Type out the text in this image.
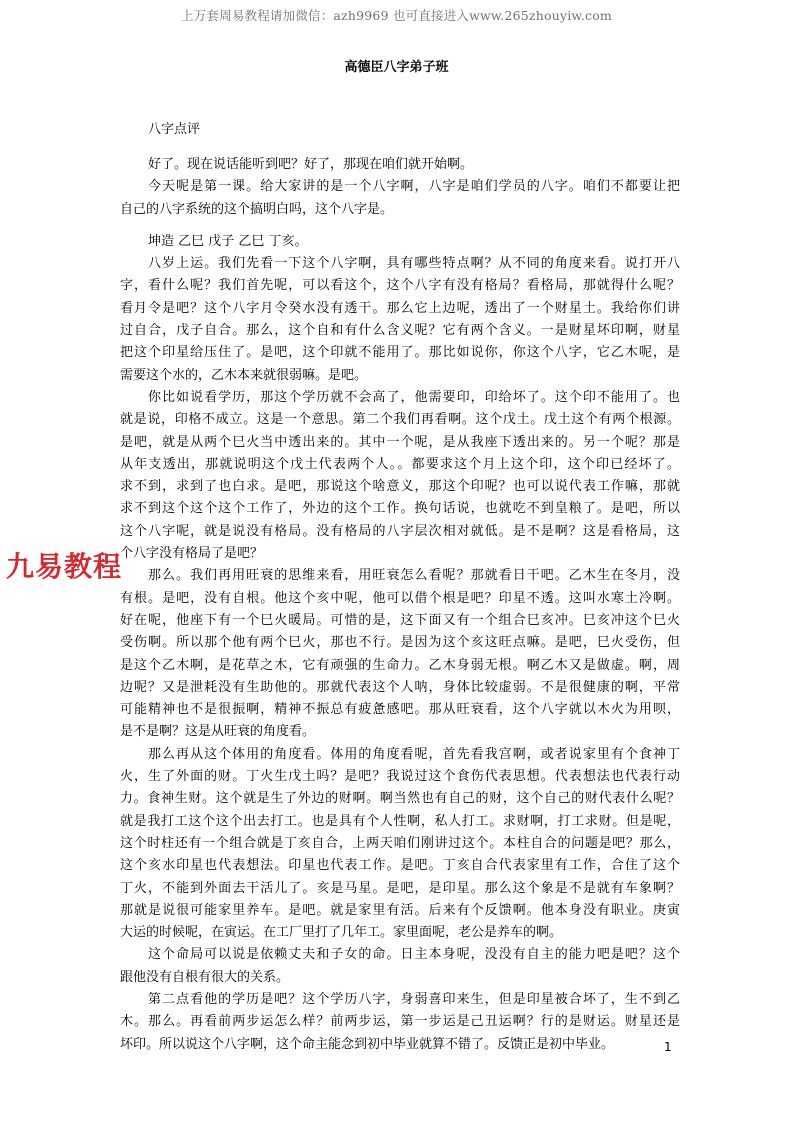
上万套周易教程请加微信：azh9969 也可直接进入www.265zhouyiw.com
高德臣八字弟子班
八字点评
好了。现在说话能听到吧？好了，那现在咱们就开始啊。
今天呢是第一课。给大家讲的是一个八字啊，八字是咱们学员的八字。咱们不都要让把
自己的八字系统的这个搞明白吗，这个八字是。
坤造 乙巳 戊子 乙巳 丁亥。
八岁上运。我们先看一下这个八字啊，具有哪些特点啊？从不同的角度来看。说打开八
字，看什么呢？我们首先呢，可以看这个，这个八字有没有格局？看格局，那就得什么呢？
看月令是吧？这个八字月令癸水没有透干。那么它上边呢，透出了一个财星土。我给你们讲
过自合，戊子自合。那么，这个自和有什么含义呢？它有两个含义。一是财星坏印啊，财星
把这个印星给压住了。是吧，这个印就不能用了。那比如说你，你这个八字，它乙木呢，是
需要这个水的，乙木本来就很弱嘛。是吧。
你比如说看学历，那这个学历就不会高了，他需要印，印给坏了。这个印不能用了。也
就是说，印格不成立。这是一个意思。第二个我们再看啊。这个戊土。戊土这个有两个根源。
是吧，就是从两个巳火当中透出来的。其中一个呢，是从我座下透出来的。另一个呢？那是
从年支透出，那就说明这个戊土代表两个人。。都要求这个月上这个印，这个印已经坏了。
求不到，求到了也白求。是吧，那说这个啥意义，那这个印呢？也可以说代表工作嘛，那就
求不到这个这个这个工作了，外边的这个工作。换句话说，也就吃不到皇粮了。是吧，所以
这个八字呢，就是说没有格局。没有格局的八字层次相对就低。是不是啊？这是看格局，这
个八字没有格局了是吧？
那么。我们再用旺衰的思维来看，用旺衰怎么看呢？那就看日干吧。乙木生在冬月，没
有根。是吧，没有自根。他这个亥中呢，他可以借个根是吧？印星不透。这叫水寒土冷啊。
好在呢，他座下有一个巳火暖局。可惜的是，这下面又有一个组合巳亥冲。巳亥冲这个巳火
受伤啊。所以那个他有两个巳火，那也不行。是因为这个亥这旺点嘛。是吧，巳火受伤，但
是这个乙木啊，是花草之木，它有顽强的生命力。乙木身弱无根。啊乙木又是做虚。啊，周
边呢？又是泄耗没有生助他的。那就代表这个人呐，身体比较虚弱。不是很健康的啊，平常
可能精神也不是很振啊，精神不振总有疲惫感吧。那从旺衰看，这个八字就以木火为用呗，
是不是啊？这是从旺衰的角度看。
那么再从这个体用的角度看。体用的角度看呢，首先看我宫啊，或者说家里有个食神丁
火，生了外面的财。丁火生戊土吗？是吧？我说过这个食伤代表思想。代表想法也代表行动
力。食神生财。这个就是生了外边的财啊。啊当然也有自己的财，这个自己的财代表什么呢？
就是我打工这个这个出去打工。也是具有个人性啊，私人打工。求财啊，打工求财。但是呢，
这个时柱还有一个组合就是丁亥自合，上两天咱们刚讲过这个。本柱自合的问题是吧？那么，
这个亥水印星也代表想法。印星也代表工作。是吧。丁亥自合代表家里有工作，合住了这个
丁火，不能到外面去干活儿了。亥是马星。是吧，是印星。那么这个象是不是就有车象啊？
那就是说很可能家里养车。是吧。就是家里有活。后来有个反馈啊。他本身没有职业。庚寅
大运的时候呢，在寅运。在工厂里打了几年工。家里面呢，老公是养车的啊。
这个命局可以说是依赖丈夫和子女的命。日主本身呢，没没有自主的能力吧是吧？这个
跟他没有自根有很大的关系。
第二点看他的学历是吧？这个学历八字，身弱喜印来生，但是印星被合坏了，生不到乙
木。那么。再看前两步运怎么样？前两步运，第一步运是己丑运啊？行的是财运。财星还是
坏印。所以说这个八字啊，这个命主能念到初中毕业就算不错了。反馈正是初中毕业。
九易教程
1
